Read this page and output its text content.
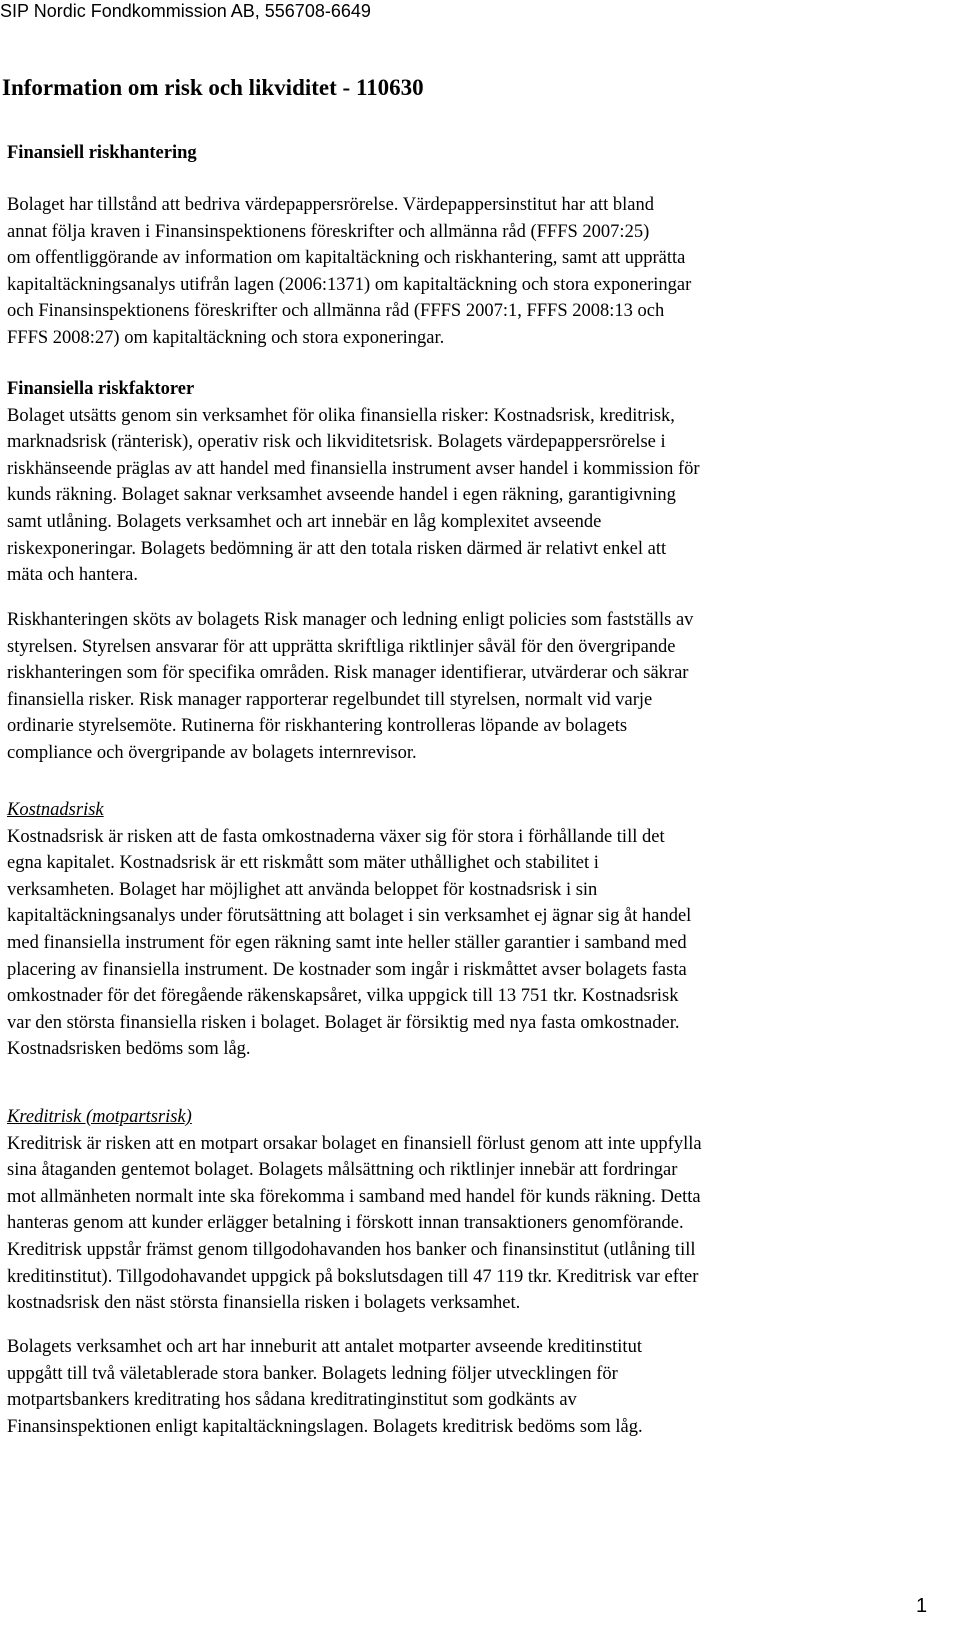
SIP Nordic Fondkommission AB, 556708-6649
Information om risk och likviditet - 110630
Finansiell riskhantering
Bolaget har tillstånd att bedriva värdepappersrörelse. Värdepappersinstitut har att bland
annat följa kraven i Finansinspektionens föreskrifter och allmänna råd (FFFS 2007:25)
om offentliggörande av information om kapitaltäckning och riskhantering, samt att upprätta
kapitaltäckningsanalys utifrån lagen (2006:1371) om kapitaltäckning och stora exponeringar
och Finansinspektionens föreskrifter och allmänna råd (FFFS 2007:1, FFFS 2008:13 och
FFFS 2008:27) om kapitaltäckning och stora exponeringar.
Finansiella riskfaktorer
Bolaget utsätts genom sin verksamhet för olika finansiella risker: Kostnadsrisk, kreditrisk,
marknadsrisk (ränterisk), operativ risk och likviditetsrisk. Bolagets värdepappersrörelse i
riskhänseende präglas av att handel med finansiella instrument avser handel i kommission för
kunds räkning. Bolaget saknar verksamhet avseende handel i egen räkning, garantigivning
samt utlåning. Bolagets verksamhet och art innebär en låg komplexitet avseende
riskexponeringar. Bolagets bedömning är att den totala risken därmed är relativt enkel att
mäta och hantera.
Riskhanteringen sköts av bolagets Risk manager och ledning enligt policies som fastställs av
styrelsen. Styrelsen ansvarar för att upprätta skriftliga riktlinjer såväl för den övergripande
riskhanteringen som för specifika områden. Risk manager identifierar, utvärderar och säkrar
finansiella risker. Risk manager rapporterar regelbundet till styrelsen, normalt vid varje
ordinarie styrelsemöte. Rutinerna för riskhantering kontrolleras löpande av bolagets
compliance och övergripande av bolagets internrevisor.
Kostnadsrisk
Kostnadsrisk är risken att de fasta omkostnaderna växer sig för stora i förhållande till det
egna kapitalet. Kostnadsrisk är ett riskmått som mäter uthållighet och stabilitet i
verksamheten. Bolaget har möjlighet att använda beloppet för kostnadsrisk i sin
kapitaltäckningsanalys under förutsättning att bolaget i sin verksamhet ej ägnar sig åt handel
med finansiella instrument för egen räkning samt inte heller ställer garantier i samband med
placering av finansiella instrument. De kostnader som ingår i riskmåttet avser bolagets fasta
omkostnader för det föregående räkenskapsåret, vilka uppgick till 13 751 tkr. Kostnadsrisk
var den största finansiella risken i bolaget. Bolaget är försiktig med nya fasta omkostnader.
Kostnadsrisken bedöms som låg.
Kreditrisk (motpartsrisk)
Kreditrisk är risken att en motpart orsakar bolaget en finansiell förlust genom att inte uppfylla
sina åtaganden gentemot bolaget. Bolagets målsättning och riktlinjer innebär att fordringar
mot allmänheten normalt inte ska förekomma i samband med handel för kunds räkning. Detta
hanteras genom att kunder erlägger betalning i förskott innan transaktioners genomförande.
Kreditrisk uppstår främst genom tillgodohavanden hos banker och finansinstitut (utlåning till
kreditinstitut). Tillgodohavandet uppgick på bokslutsdagen till 47 119 tkr. Kreditrisk var efter
kostnadsrisk den näst största finansiella risken i bolagets verksamhet.
Bolagets verksamhet och art har inneburit att antalet motparter avseende kreditinstitut
uppgått till två väletablerade stora banker. Bolagets ledning följer utvecklingen för
motpartsbankers kreditrating hos sådana kreditratinginstitut som godkänts av
Finansinspektionen enligt kapitaltäckningslagen. Bolagets kreditrisk bedöms som låg.
1
